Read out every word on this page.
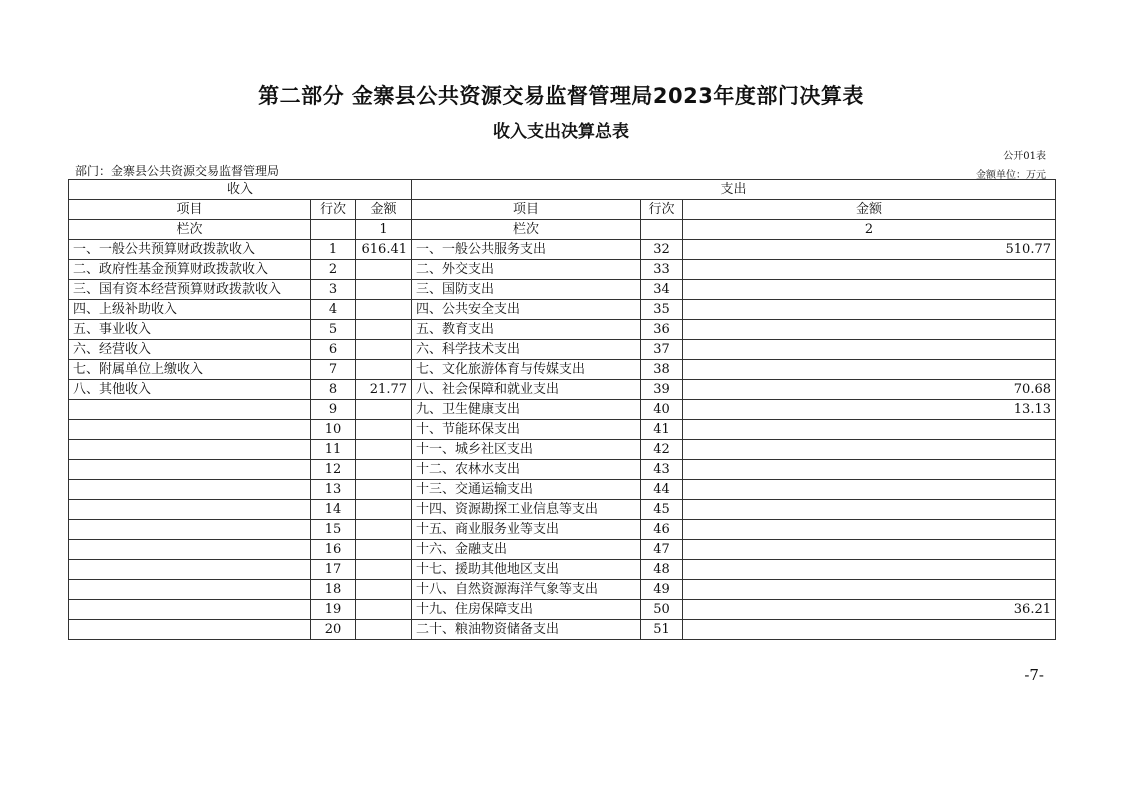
第二部分 金寨县公共资源交易监督管理局2023年度部门决算表
收入支出决算总表
公开01表
部门：金寨县公共资源交易监督管理局	金额单位：万元
收入			支出		
项目	行次	金额	项目	行次	金额
栏次		1	栏次		2
一、一般公共预算财政拨款收入	1	616.41	一、一般公共服务支出	32	510.77
二、政府性基金预算财政拨款收入	2		二、外交支出	33	
三、国有资本经营预算财政拨款收入	3		三、国防支出	34	
四、上级补助收入	4		四、公共安全支出	35	
五、事业收入	5		五、教育支出	36	
六、经营收入	6		六、科学技术支出	37	
七、附属单位上缴收入	7		七、文化旅游体育与传媒支出	38	
八、其他收入	8	21.77	八、社会保障和就业支出	39	70.68
	9		九、卫生健康支出	40	13.13
	10		十、节能环保支出	41	
	11		十一、城乡社区支出	42	
	12		十二、农林水支出	43	
	13		十三、交通运输支出	44	
	14		十四、资源勘探工业信息等支出	45	
	15		十五、商业服务业等支出	46	
	16		十六、金融支出	47	
	17		十七、援助其他地区支出	48	
	18		十八、自然资源海洋气象等支出	49	
	19		十九、住房保障支出	50	36.21
	20		二十、粮油物资储备支出	51	
-7-
